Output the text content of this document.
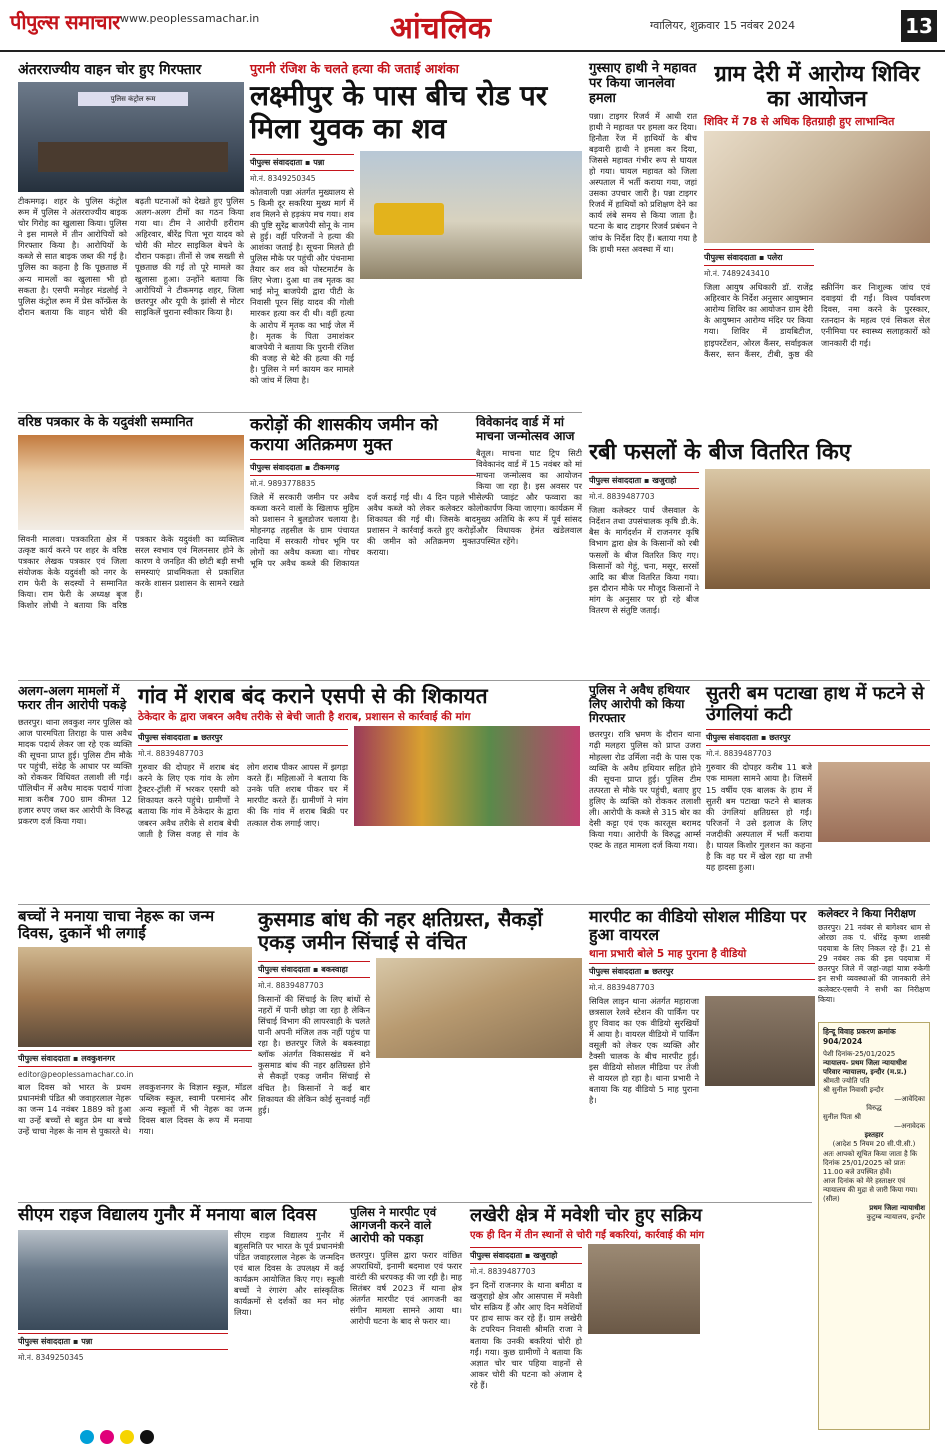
पीपुल्स समाचार www.peoplessamachar.in	आंचलिक	ग्वालियर, शुक्रवार 15 नवंबर 2024	13
अंतरराज्यीय वाहन चोर हुए गिरफ्तार
पुलिस कंट्रोल रूम
टीकमगढ़। शहर के पुलिस कंट्रोल रूम में पुलिस ने अंतरराज्यीय बाइक चोर गिरोह का खुलासा किया। पुलिस ने इस मामले में तीन आरोपियों को गिरफ्तार किया है। आरोपियों के कब्जे से सात बाइक जब्त की गई है। पुलिस का कहना है कि पूछताछ में अन्य मामलों का खुलासा भी हो सकता है। एसपी मनोहर मंडलोई ने पुलिस कंट्रोल रूम में प्रेस कॉन्फ्रेंस के दौरान बताया कि वाहन चोरी की बढ़ती घटनाओं को देखते हुए पुलिस अलग-अलग टीमों का गठन किया गया था। टीम ने आरोपी हरीराम अहिरवार, बीरेंद्र पिता भूरा यादव को चोरी की मोटर साइकिल बेचने के दौरान पकड़ा। तीनों से जब सख्ती से पूछताछ की गई तो पूरे मामले का खुलासा हुआ। उन्होंने बताया कि आरोपियों ने टीकमगढ़ शहर, जिला छतरपुर और यूपी के झांसी से मोटर साइकिलें चुराना स्वीकार किया है।
पुरानी रंजिश के चलते हत्या की जताई आशंका
लक्ष्मीपुर के पास बीच रोड पर मिला युवक का शव
पीपुल्स संवाददाता ▪ पन्ना
मो.नं. 8349250345
कोतवाली पन्ना अंतर्गत मुख्यालय से 5 किमी दूर सकरिया मुख्य मार्ग में शव मिलने से हड़कंप मच गया। शव की पुष्टि सुरेंद्र बाजपेयी सोनू के नाम से हुई। वहीं परिजनों ने हत्या की आशंका जताई है। सूचना मिलते ही पुलिस मौके पर पहुंची और पंचनामा तैयार कर शव को पोस्टमार्टम के लिए भेजा। दुआ था तब मृतक का भाई मोनू बाजपेयी द्वारा पीटी के निवासी पूरन सिंह यादव की गोली मारकर हत्या कर दी थी। वहीं हत्या के आरोप में मृतक का भाई जेल में है। मृतक के पिता उमाशंकर बाजपेयी ने बताया कि पुरानी रंजिश की वजह से बेटे की हत्या की गई है। पुलिस ने मर्ग कायम कर मामले को जांच में लिया है।
गुस्साए हाथी ने महावत पर किया जानलेवा हमला
पन्ना। टाइगर रिजर्व में आधी रात हाथी ने महावत पर हमला कर दिया। हिनौता रेंज में हाथियों के बीच बड़वारी हाथी ने हमला कर दिया, जिससे महावत गंभीर रूप से घायल हो गया। घायल महावत को जिला अस्पताल में भर्ती कराया गया, जहां उसका उपचार जारी है। पन्ना टाइगर रिजर्व में हाथियों को प्रशिक्षण देने का कार्य लंबे समय से किया जाता है। घटना के बाद टाइगर रिजर्व प्रबंधन ने जांच के निर्देश दिए हैं। बताया गया है कि हाथी मस्त अवस्था में था।
ग्राम देरी में आरोग्य शिविर का आयोजन
शिविर में 78 से अधिक हितग्राही हुए लाभान्वित
पीपुल्स संवाददाता ▪ पलेरा
मो.नं. 7489243410
जिला आयुष अधिकारी डॉ. राजेंद्र अहिरवार के निर्देश अनुसार आयुष्मान आरोग्य शिविर का आयोजन ग्राम देरी के आयुष्मान आरोग्य मंदिर पर किया गया। शिविर में डायबिटीज, हाइपरटेंशन, ओरल कैंसर, सर्वाइकल कैंसर, स्तन कैंसर, टीबी, कुष्ठ की स्क्रीनिंग कर निःशुल्क जांच एवं दवाइयां दी गईं। विश्व पर्यावरण दिवस, नमा करने के पुरस्कार, रतनदान के महत्व एवं सिकल सेल एनीमिया पर स्वास्थ्य सलाहकारों को जानकारी दी गई।
वरिष्ठ पत्रकार के के यदुवंशी सम्मानित
सिवनी मालवा। पत्रकारिता क्षेत्र में उत्कृष्ट कार्य करने पर शहर के वरिष्ठ पत्रकार लेखक पत्रकार एवं जिला संयोजक केके यदुवंशी को नगर के राम फेरी के सदस्यों ने सम्मानित किया। राम फेरी के अध्यक्ष बृज किशोर लोधी ने बताया कि वरिष्ठ पत्रकार केके यदुवंशी का व्यक्तित्व सरल स्वभाव एवं मिलनसार होने के कारण वे जनहित की छोटी बड़ी सभी समस्याएं प्राथमिकता से प्रकाशित करके शासन प्रशासन के सामने रखते हैं।
करोड़ों की शासकीय जमीन को कराया अतिक्रमण मुक्त
पीपुल्स संवाददाता ▪ टीकमगढ़
मो.नं. 9893778835
जिले में सरकारी जमीन पर अवैध कब्जा करने वालों के खिलाफ मुहिम को प्रशासन ने बुलडोजर चलाया है। मोहनगढ़ तहसील के ग्राम पंचायत नादिया में सरकारी गोचर भूमि पर लोगों का अवैध कब्जा था। गोचर भूमि पर अवैध कब्जे की शिकायत दर्ज कराई गई थी। 4 दिन पहले भी अवैध कब्जे को लेकर कलेक्टर को शिकायत की गई थी। जिसके बाद प्रशासन ने कार्रवाई करते हुए करोड़ों की जमीन को अतिक्रमण मुक्त कराया।
विवेकानंद वार्ड में मां माचना जन्मोत्सव आज
बैतूल। माचना घाट ट्रिप सिटी विवेकानंद वार्ड में 15 नवंबर को मां माचना जन्मोत्सव का आयोजन किया जा रहा है। इस अवसर पर सेल्फी प्वाइंट और फव्वारा का लोकार्पण किया जाएगा। कार्यक्रम में मुख्य अतिथि के रूप में पूर्व सांसद और विधायक हेमंत खंडेलवाल उपस्थित रहेंगे।
रबी फसलों के बीज वितरित किए
पीपुल्स संवाददाता ▪ खजुराहो
मो.नं. 8839487703
जिला कलेक्टर पार्थ जैसवाल के निर्देशन तथा उपसंचालक कृषि डी.के. बैस के मार्गदर्शन में राजनगर कृषि विभाग द्वारा क्षेत्र के किसानों को रबी फसलों के बीज वितरित किए गए। किसानों को गेहूं, चना, मसूर, सरसों आदि का बीज वितरित किया गया। इस दौरान मौके पर मौजूद किसानों ने मांग के अनुसार पर हो रहे बीज वितरण से संतुष्टि जताई।
अलग-अलग मामलों में फरार तीन आरोपी पकड़े
छतरपुर। थाना लवकुश नगर पुलिस को आज पारमपिता तिराहा के पास अवैध मादक पदार्थ लेकर जा रहे एक व्यक्ति की सूचना प्राप्त हुई। पुलिस टीम मौके पर पहुंची, संदेह के आधार पर व्यक्ति को रोककर विधिवत तलाशी ली गई। पॉलिथीन में अवैध मादक पदार्थ गांजा मात्रा करीब 700 ग्राम कीमत 12 हजार रुपए जब्त कर आरोपी के विरुद्ध प्रकरण दर्ज किया गया।
गांव में शराब बंद कराने एसपी से की शिकायत
ठेकेदार के द्वारा जबरन अवैध तरीके से बेची जाती है शराब, प्रशासन से कार्रवाई की मांग
पीपुल्स संवाददाता ▪ छतरपुर
मो.नं. 8839487703
गुरुवार की दोपहर में शराब बंद करने के लिए एक गांव के लोग ट्रैक्टर-ट्रॉली में भरकर एसपी को शिकायत करने पहुंचे। ग्रामीणों ने बताया कि गांव में ठेकेदार के द्वारा जबरन अवैध तरीके से शराब बेची जाती है जिस वजह से गांव के लोग शराब पीकर आपस में झगड़ा करते हैं। महिलाओं ने बताया कि उनके पति शराब पीकर घर में मारपीट करते हैं। ग्रामीणों ने मांग की कि गांव में शराब बिक्री पर तत्काल रोक लगाई जाए।
पुलिस ने अवैध हथियार लिए आरोपी को किया गिरफ्तार
छतरपुर। रात्रि भ्रमण के दौरान थाना गढ़ी मलहरा पुलिस को प्राप्त उजरा मोहल्ला रोड उर्मिला नदी के पास एक व्यक्ति के अवैध हथियार सहित होने की सूचना प्राप्त हुई। पुलिस टीम तत्परता से मौके पर पहुंची, बताए हुए हुलिए के व्यक्ति को रोककर तलाशी ली। आरोपी के कब्जे से 315 बोर का देसी कट्टा एवं एक कारतूस बरामद किया गया। आरोपी के विरुद्ध आर्म्स एक्ट के तहत मामला दर्ज किया गया।
सुतरी बम पटाखा हाथ में फटने से उंगलियां कटी
पीपुल्स संवाददाता ▪ छतरपुर
मो.नं. 8839487703
गुरुवार की दोपहर करीब 11 बजे एक मामला सामने आया है। जिसमें 15 वर्षीय एक बालक के हाथ में सुतरी बम पटाखा फटने से बालक की उंगलियां क्षतिग्रस्त हो गईं। परिजनों ने उसे इलाज के लिए नजदीकी अस्पताल में भर्ती कराया है। घायल किशोर गुलशन का कहना है कि वह घर में खेल रहा था तभी यह हादसा हुआ।
बच्चों ने मनाया चाचा नेहरू का जन्म दिवस, दुकानें भी लगाईं
पीपुल्स संवाददाता ▪ लवकुशनगर
editor@peoplessamachar.co.in
बाल दिवस को भारत के प्रथम प्रधानमंत्री पंडित श्री जवाहरलाल नेहरू का जन्म 14 नवंबर 1889 को हुआ था उन्हें बच्चों से बहुत प्रेम था बच्चे उन्हें चाचा नेहरू के नाम से पुकारते थे। लवकुशनगर के विज्ञान स्कूल, मॉडल पब्लिक स्कूल, स्वामी परमानंद और अन्य स्कूलों में भी नेहरू का जन्म दिवस बाल दिवस के रूप में मनाया गया।
कुसमाड बांध की नहर क्षतिग्रस्त, सैकड़ों एकड़ जमीन सिंचाई से वंचित
पीपुल्स संवाददाता ▪ बकस्वाहा
मो.नं. 8839487703
किसानों की सिंचाई के लिए बांधों से नहरों में पानी छोड़ा जा रहा है लेकिन सिंचाई विभाग की लापरवाही के चलते पानी अपनी मंजिल तक नहीं पहुंच पा रहा है। छतरपुर जिले के बकस्वाहा ब्लॉक अंतर्गत विकासखंड में बने कुसमाड बांध की नहर क्षतिग्रस्त होने से सैकड़ों एकड़ जमीन सिंचाई से वंचित है। किसानों ने कई बार शिकायत की लेकिन कोई सुनवाई नहीं हुई।
मारपीट का वीडियो सोशल मीडिया पर हुआ वायरल
थाना प्रभारी बोले 5 माह पुराना है वीडियो
पीपुल्स संवाददाता ▪ छतरपुर
मो.नं. 8839487703
सिविल लाइन थाना अंतर्गत महाराजा छत्रसाल रेलवे स्टेशन की पार्किंग पर हुए विवाद का एक वीडियो सुरखियों में आया है। वायरल वीडियो में पार्किंग वसूली को लेकर एक व्यक्ति और टैक्सी चालक के बीच मारपीट हुई। इस वीडियो सोशल मीडिया पर तेजी से वायरल हो रहा है। थाना प्रभारी ने बताया कि यह वीडियो 5 माह पुराना है।
कलेक्टर ने किया निरीक्षण
छतरपुर। 21 नवंबर से बागेश्वर धाम से ओरछा तक पं. धीरेंद्र कृष्ण शास्त्री पदयात्रा के लिए निकल रहे हैं। 21 से 29 नवंबर तक की इस पदयात्रा में छतरपुर जिले में जहां-जहां यात्रा रुकेगी इन सभी व्यवस्थाओं की जानकारी लेने कलेक्टर-एसपी ने सभी का निरीक्षण किया।
हिन्दू विवाह प्रकरण क्रमांक 904/2024
पेशी दिनांक-25/01/2025
न्यायालय- प्रथम जिला न्यायाधीश
परिवार न्यायालय, इन्दौर (म.प्र.)
श्रीमती ज्योति पति
श्री सुनील निवासी इन्दौर
—आवेदिका
विरुद्ध
सुनील पिता श्री
—अनावेदक
इश्तहार
(आदेश 5 नियम 20 सी.पी.सी.)
अतः आपको सूचित किया जाता है कि दिनांक 25/01/2025 को प्रातः 11.00 बजे उपस्थित होवें।
आज दिनांक को मेरे हस्ताक्षर एवं न्यायालय की मुद्रा से जारी किया गया।
(सील)
प्रथम जिला न्यायाधीश
कुटुम्ब न्यायालय, इन्दौर
सीएम राइज विद्यालय गुनौर में मनाया बाल दिवस
पीपुल्स संवाददाता ▪ पन्ना
मो.नं. 8349250345
सीएम राइज विद्यालय गुनौर में बहुसमिति पर भारत के पूर्व प्रधानमंत्री पंडित जवाहरलाल नेहरू के जन्मदिन एवं बाल दिवस के उपलक्ष्य में कई कार्यक्रम आयोजित किए गए। स्कूली बच्चों ने रंगारंग और सांस्कृतिक कार्यक्रमों से दर्शकों का मन मोह लिया।
पुलिस ने मारपीट एवं आगजनी करने वाले आरोपी को पकड़ा
छतरपुर। पुलिस द्वारा फरार वांछित अपराधियों, इनामी बदमाश एवं फरार वारंटी की धरपकड़ की जा रही है। माह सितंबर वर्ष 2023 में थाना क्षेत्र अंतर्गत मारपीट एवं आगजनी का संगीन मामला सामने आया था। आरोपी घटना के बाद से फरार था।
लखेरी क्षेत्र में मवेशी चोर हुए सक्रिय
एक ही दिन में तीन स्थानों से चोरी गईं बकरियां, कार्रवाई की मांग
पीपुल्स संवाददाता ▪ खजुराहो
मो.नं. 8839487703
इन दिनों राजनगर के थाना बमीठा व खजुराहो क्षेत्र और आसपास में मवेशी चोर सक्रिय हैं और आए दिन मवेशियों पर हाथ साफ कर रहे हैं। ग्राम लखेरी के टपरियन निवासी श्रीमति राजा ने बताया कि उनकी बकरियां चोरी हो गईं। गया। कुछ ग्रामीणों ने बताया कि अज्ञात चोर चार पहिया वाहनों से आकर चोरी की घटना को अंजाम दे रहे हैं।
